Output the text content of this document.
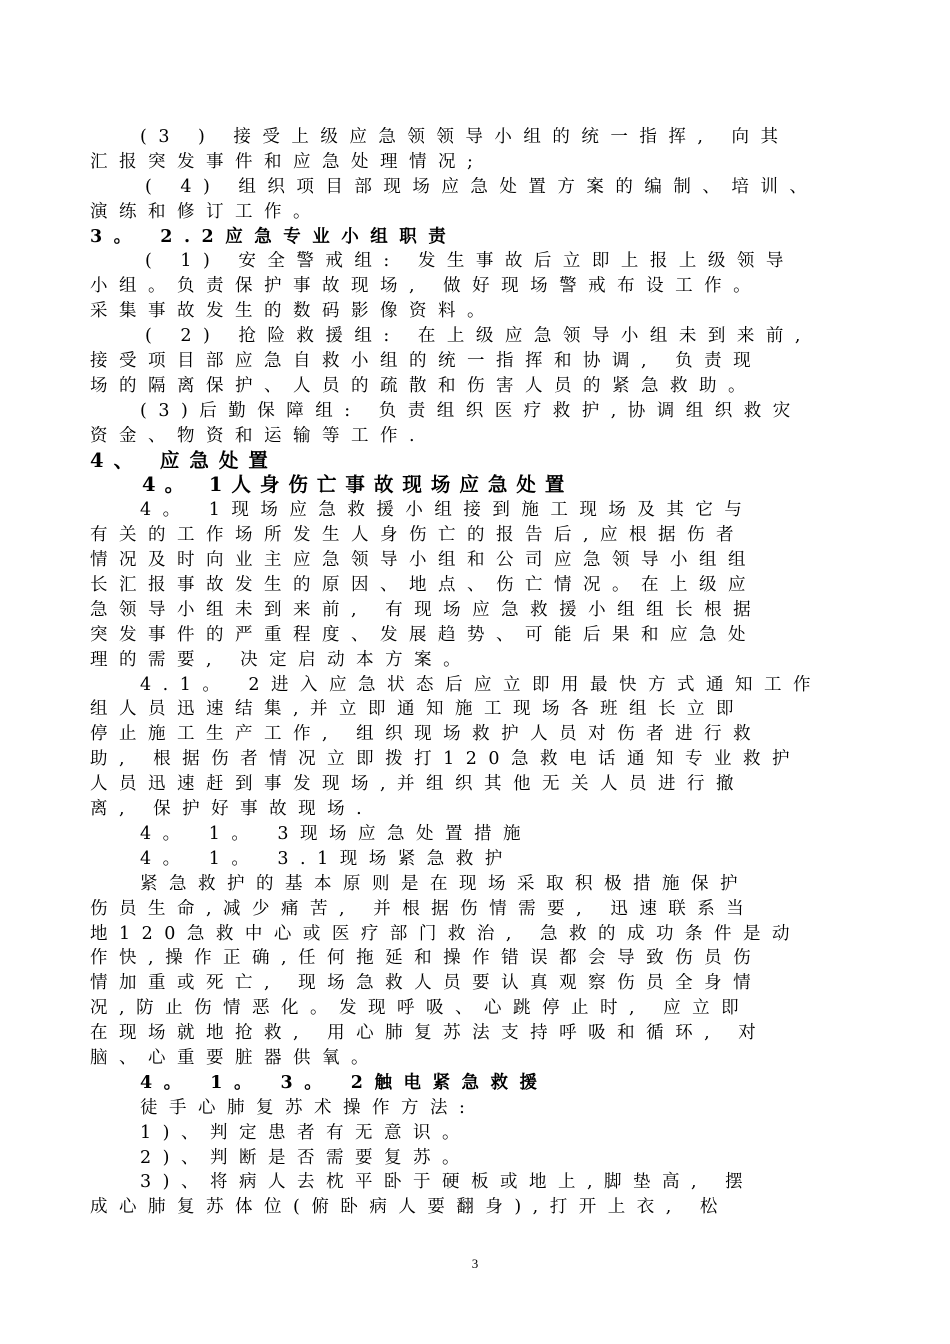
(3 ) 接受上级应急领领导小组的统一指挥, 向其
汇报突发事件和应急处理情况;
( 4) 组织项目部现场应急处置方案的编制、培训、
演练和修订工作。
3。 2.2应急专业小组职责
( 1) 安全警戒组: 发生事故后立即上报上级领导
小组。负责保护事故现场, 做好现场警戒布设工作。
采集事故发生的数码影像资料。
( 2) 抢险救援组: 在上级应急领导小组未到来前,
接受项目部应急自救小组的统一指挥和协调, 负责现
场的隔离保护、人员的疏散和伤害人员的紧急救助。
(3)后勤保障组: 负责组织医疗救护,协调组织救灾
资金、物资和运输等工作.
4、 应急处置
4。 1人身伤亡事故现场应急处置
4。 1现场应急救援小组接到施工现场及其它与
有关的工作场所发生人身伤亡的报告后,应根据伤者
情况及时向业主应急领导小组和公司应急领导小组组
长汇报事故发生的原因、地点、伤亡情况。在上级应
急领导小组未到来前, 有现场应急救援小组组长根据
突发事件的严重程度、发展趋势、可能后果和应急处
理的需要, 决定启动本方案。
4.1。 2进入应急状态后应立即用最快方式通知工作
组人员迅速结集,并立即通知施工现场各班组长立即
停止施工生产工作, 组织现场救护人员对伤者进行救
助, 根据伤者情况立即拨打120急救电话通知专业救护
人员迅速赶到事发现场,并组织其他无关人员进行撤
离, 保护好事故现场.
4。 1。 3现场应急处置措施
4。 1。 3.1现场紧急救护
紧急救护的基本原则是在现场采取积极措施保护
伤员生命,减少痛苦, 并根据伤情需要, 迅速联系当
地120急救中心或医疗部门救治, 急救的成功条件是动
作快,操作正确,任何拖延和操作错误都会导致伤员伤
情加重或死亡, 现场急救人员要认真观察伤员全身情
况,防止伤情恶化。发现呼吸、心跳停止时, 应立即
在现场就地抢救, 用心肺复苏法支持呼吸和循环, 对
脑、心重要脏器供氧。
4。 1。 3。 2触电紧急救援
徒手心肺复苏术操作方法:
1)、判定患者有无意识。
2)、判断是否需要复苏。
3)、将病人去枕平卧于硬板或地上,脚垫高, 摆
成心肺复苏体位(俯卧病人要翻身),打开上衣, 松
3
